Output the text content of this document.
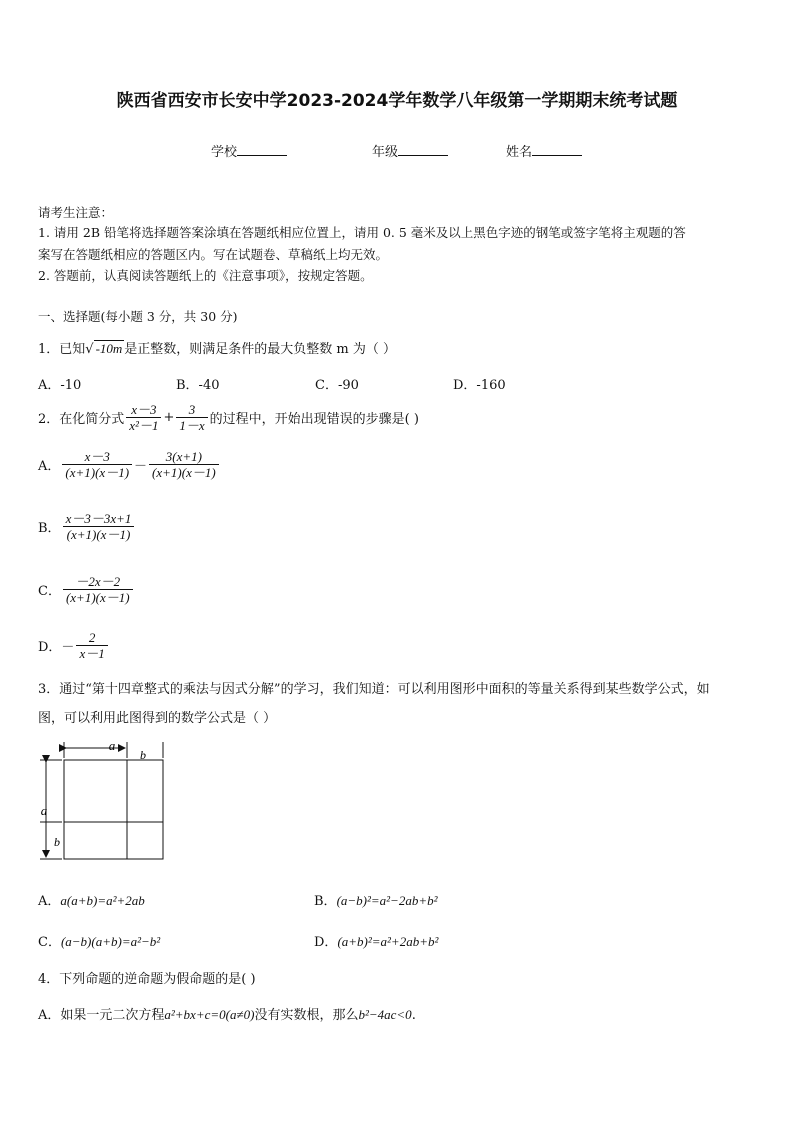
陕西省西安市长安中学2023-2024学年数学八年级第一学期期末统考试题
学校	年级	姓名
请考生注意：
1. 请用 2B 铅笔将选择题答案涂填在答题纸相应位置上，请用 0. 5 毫米及以上黑色字迹的钢笔或签字笔将主观题的答
案写在答题纸相应的答题区内。写在试题卷、草稿纸上均无效。
2. 答题前，认真阅读答题纸上的《注意事项》，按规定答题。
一、选择题(每小题 3 分，共 30 分)
1．已知√ -10m 是正整数，则满足条件的最大负整数 m 为（ ）
A．-10	B．-40	C．-90	D．-160
2．在化简分式 $\frac{x-3}{\text{x²－1}} + \frac{3}{1-x}$ 的过程中，开始出现错误的步骤是( )
A． $\frac{x-3}{(x+1)(x-1)} - \frac{3(x+1)}{(x+1)(x-1)}$
B． $\frac{x-3-3x+1}{(x+1)(x-1)}$
C． $\frac{-2x-2}{(x+1)(x-1)}$
D．－ $\frac{2}{x-1}$
3．通过“第十四章整式的乘法与因式分解”的学习，我们知道：可以利用图形中面积的等量关系得到某些数学公式，如
图，可以利用此图得到的数学公式是（ ）
a
b
a
b
A．a(a+b)=a²+2ab	B．(a−b)²=a²−2ab+b²
C．(a−b)(a+b)=a²−b²	D．(a+b)²=a²+2ab+b²
4．下列命题的逆命题为假命题的是( )
A．如果一元二次方程a²+bx+c=0(a≠0)没有实数根，那么b²−4ac<0.
